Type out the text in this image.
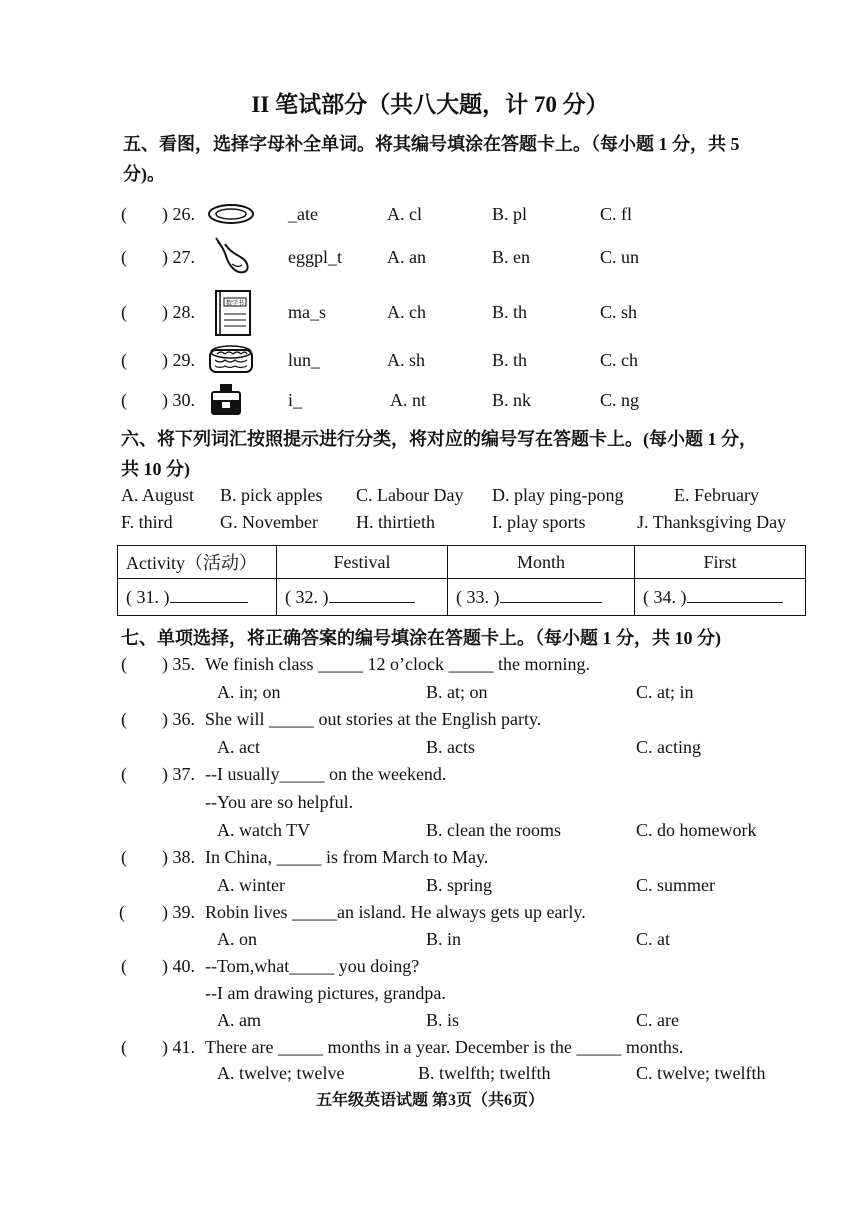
II 笔试部分（共八大题，计 70 分）
五、看图，选择字母补全单词。将其编号填涂在答题卡上。（每小题 1 分，共 5
分)。
( ) 26.	_ate	A. cl	B. pl	C. fl
( ) 27.	eggpl_t	A. an	B. en	C. un
( ) 28.	数学书 ma_s	A. ch	B. th	C. sh
( ) 29.	lun_	A. sh	B. th	C. ch
( ) 30.	i_	A. nt	B. nk	C. ng
六、将下列词汇按照提示进行分类，将对应的编号写在答题卡上。(每小题 1 分，
共 10 分)
A. August B. pick apples C. Labour Day D. play ping-pong	E. February
F. third	G. November H. thirtieth	I. play sports	J. Thanksgiving Day
Activity（活动）	Festival	Month	First
( 31. )	( 32. )	( 33. )	( 34. )
七、单项选择，将正确答案的编号填涂在答题卡上。（每小题 1 分，共 10 分)
( ) 35. We finish class _____ 12 o’clock _____ the morning.
A. in; on	B. at; on	C. at; in
( ) 36. She will _____ out stories at the English party.
A. act	B. acts	C. acting
( ) 37. --I usually_____ on the weekend.
--You are so helpful.
A. watch TV	B. clean the rooms	C. do homework
( ) 38. In China, _____ is from March to May.
A. winter	B. spring	C. summer
( ) 39. Robin lives _____an island. He always gets up early.
A. on	B. in	C. at
( ) 40. --Tom,what_____ you doing?
--I am drawing pictures, grandpa.
A. am	B. is	C. are
( ) 41. There are _____ months in a year. December is the _____ months.
A. twelve; twelve	B. twelfth; twelfth	C. twelve; twelfth
五年级英语试题 第3页（共6页）
